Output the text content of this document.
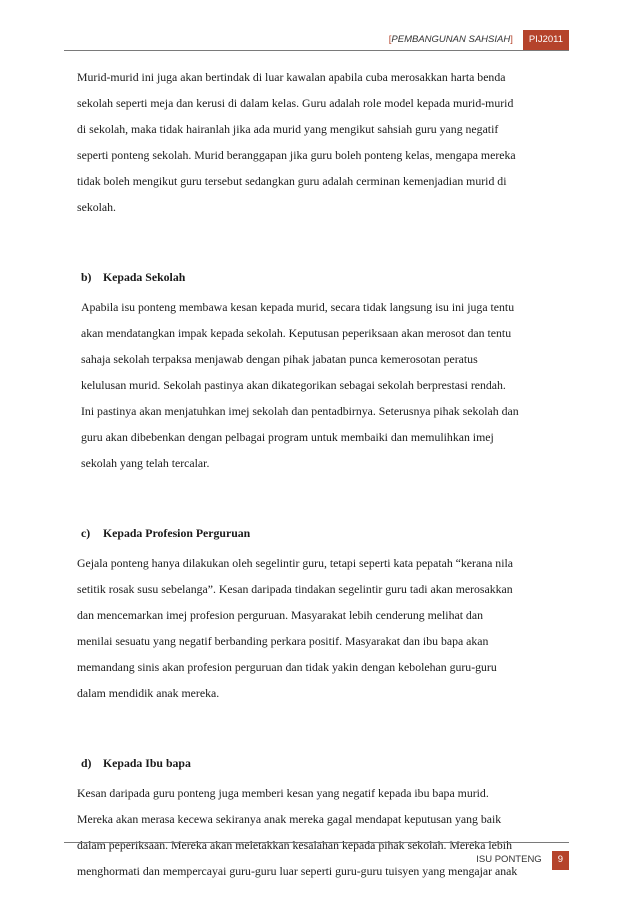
[PEMBANGUNAN SAHSIAH]	PIJ2011

Murid-murid ini juga akan bertindak di luar kawalan apabila cuba merosakkan harta benda

sekolah seperti meja dan kerusi di dalam kelas. Guru adalah role model kepada murid-murid

di sekolah, maka tidak hairanlah jika ada murid yang mengikut sahsiah guru yang negatif

seperti ponteng sekolah. Murid beranggapan jika guru boleh ponteng kelas, mengapa mereka

tidak boleh mengikut guru tersebut sedangkan guru adalah cerminan kemenjadian murid di

sekolah.

b) Kepada Sekolah

Apabila isu ponteng membawa kesan kepada murid, secara tidak langsung isu ini juga tentu

akan mendatangkan impak kepada sekolah. Keputusan peperiksaan akan merosot dan tentu

sahaja sekolah terpaksa menjawab dengan pihak jabatan punca kemerosotan peratus

kelulusan murid. Sekolah pastinya akan dikategorikan sebagai sekolah berprestasi rendah.

Ini pastinya akan menjatuhkan imej sekolah dan pentadbirnya. Seterusnya pihak sekolah dan

guru akan dibebenkan dengan pelbagai program untuk membaiki dan memulihkan imej

sekolah yang telah tercalar.

c) Kepada Profesion Perguruan

Gejala ponteng hanya dilakukan oleh segelintir guru, tetapi seperti kata pepatah “kerana nila

setitik rosak susu sebelanga”. Kesan daripada tindakan segelintir guru tadi akan merosakkan

dan mencemarkan imej profesion perguruan. Masyarakat lebih cenderung melihat dan

menilai sesuatu yang negatif berbanding perkara positif. Masyarakat dan ibu bapa akan

memandang sinis akan profesion perguruan dan tidak yakin dengan kebolehan guru-guru

dalam mendidik anak mereka.

d) Kepada Ibu bapa

Kesan daripada guru ponteng juga memberi kesan yang negatif kepada ibu bapa murid.

Mereka akan merasa kecewa sekiranya anak mereka gagal mendapat keputusan yang baik

dalam peperiksaan. Mereka akan meletakkan kesalahan kepada pihak sekolah. Mereka lebih

menghormati dan mempercayai guru-guru luar seperti guru-guru tuisyen yang mengajar anak

ISU PONTENG	9
